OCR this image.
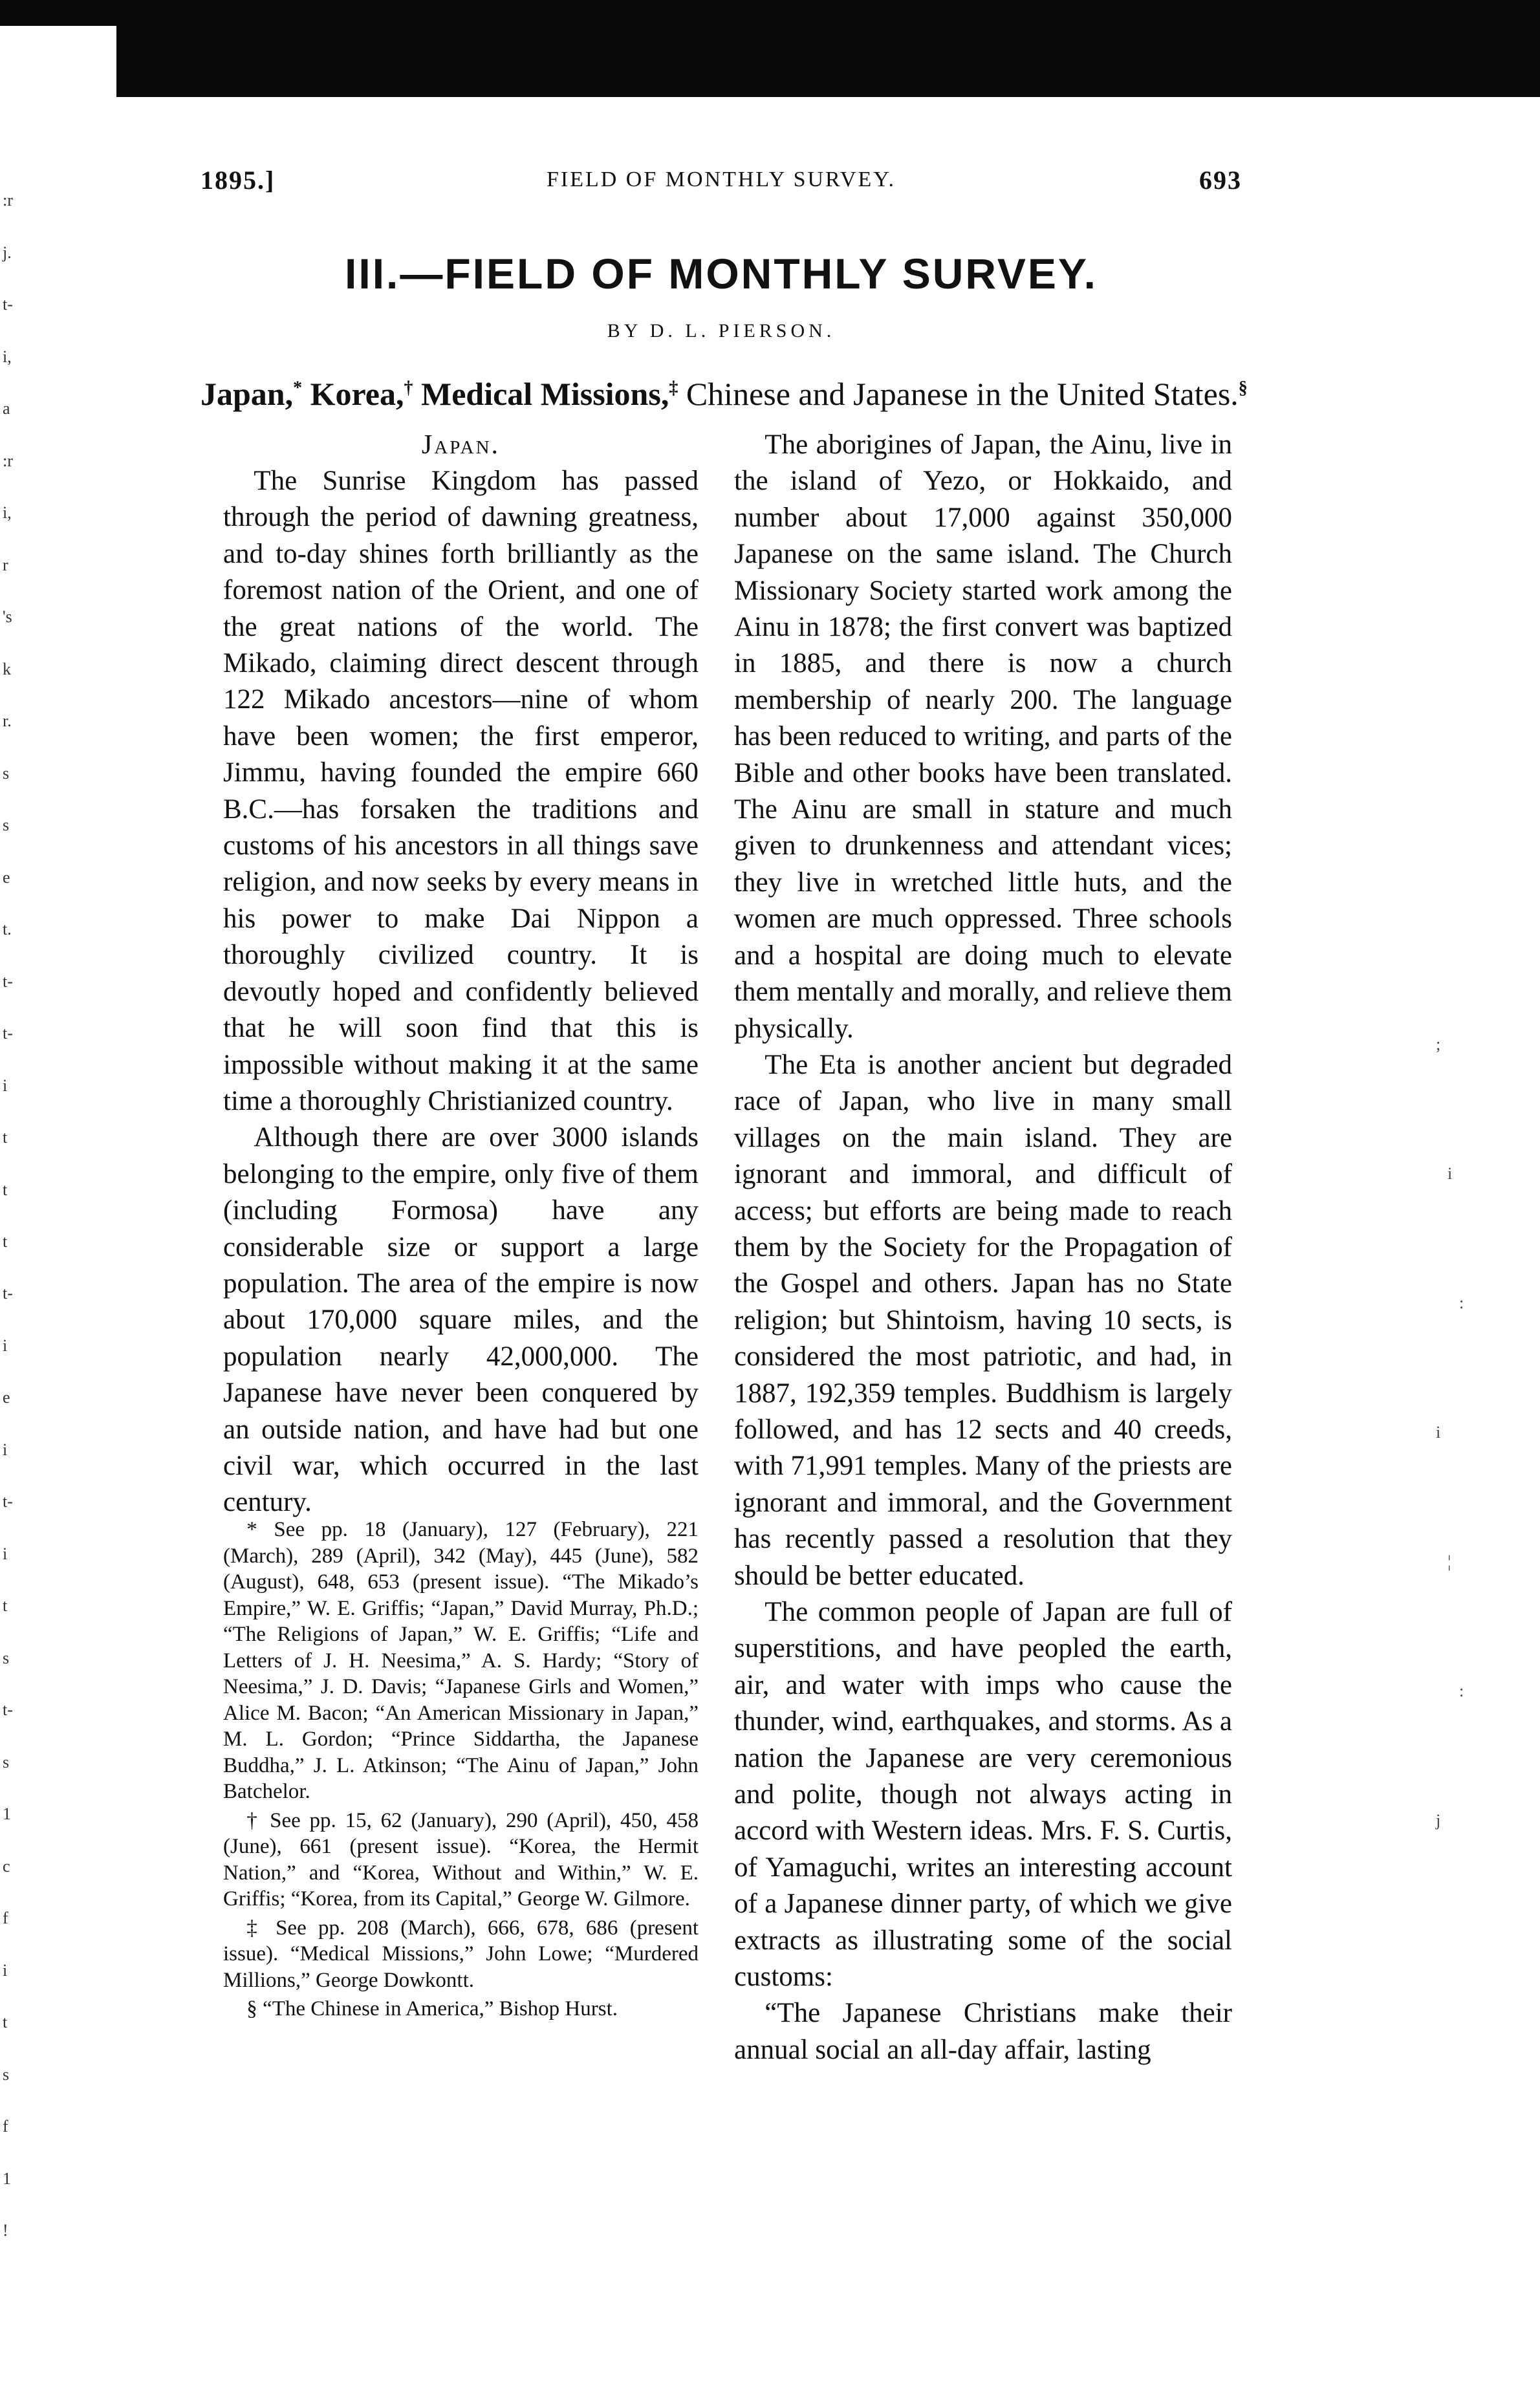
:r
j.
t-
i,
a
:r
i,
r
's
k
r.
s
s
e
t.
t-
t-
i
t
t
t
t-
i
e
i
t-
i
t
s
t-
s
1
c
f
i
t
s
f
1
!
;
i
:
i
¦
:
j
1895.]	FIELD OF MONTHLY SURVEY.	693
III.—FIELD OF MONTHLY SURVEY.
BY D. L. PIERSON.
Japan,* Korea,† Medical Missions,‡ Chinese and Japanese in the United States.§

Japan.

The Sunrise Kingdom has passed through the period of dawning greatness, and to-day shines forth brilliantly as the foremost nation of the Orient, and one of the great nations of the world. The Mikado, claiming direct descent through 122 Mikado ancestors—nine of whom have been women; the first emperor, Jimmu, having founded the empire 660 B.C.—has forsaken the traditions and customs of his ancestors in all things save religion, and now seeks by every means in his power to make Dai Nippon a thoroughly civilized country. It is devoutly hoped and confidently believed that he will soon find that this is impossible without making it at the same time a thoroughly Christianized country.

Although there are over 3000 islands belonging to the empire, only five of them (including Formosa) have any considerable size or support a large population. The area of the empire is now about 170,000 square miles, and the population nearly 42,000,000. The Japanese have never been conquered by an outside nation, and have had but one civil war, which occurred in the last century.

* See pp. 18 (January), 127 (February), 221 (March), 289 (April), 342 (May), 445 (June), 582 (August), 648, 653 (present issue). “The Mikado’s Empire,” W. E. Griffis; “Japan,” David Murray, Ph.D.; “The Religions of Japan,” W. E. Griffis; “Life and Letters of J. H. Neesima,” A. S. Hardy; “Story of Neesima,” J. D. Davis; “Japanese Girls and Women,” Alice M. Bacon; “An American Missionary in Japan,” M. L. Gordon; “Prince Siddartha, the Japanese Buddha,” J. L. Atkinson; “The Ainu of Japan,” John Batchelor.

† See pp. 15, 62 (January), 290 (April), 450, 458 (June), 661 (present issue). “Korea, the Hermit Nation,” and “Korea, Without and Within,” W. E. Griffis; “Korea, from its Capital,” George W. Gilmore.

‡ See pp. 208 (March), 666, 678, 686 (present issue). “Medical Missions,” John Lowe; “Murdered Millions,” George Dowkontt.

§ “The Chinese in America,” Bishop Hurst.

The aborigines of Japan, the Ainu, live in the island of Yezo, or Hokkaido, and number about 17,000 against 350,000 Japanese on the same island. The Church Missionary Society started work among the Ainu in 1878; the first convert was baptized in 1885, and there is now a church membership of nearly 200. The language has been reduced to writing, and parts of the Bible and other books have been translated. The Ainu are small in stature and much given to drunkenness and attendant vices; they live in wretched little huts, and the women are much oppressed. Three schools and a hospital are doing much to elevate them mentally and morally, and relieve them physically.

The Eta is another ancient but degraded race of Japan, who live in many small villages on the main island. They are ignorant and immoral, and difficult of access; but efforts are being made to reach them by the Society for the Propagation of the Gospel and others. Japan has no State religion; but Shintoism, having 10 sects, is considered the most patriotic, and had, in 1887, 192,359 temples. Buddhism is largely followed, and has 12 sects and 40 creeds, with 71,991 temples. Many of the priests are ignorant and immoral, and the Government has recently passed a resolution that they should be better educated.

The common people of Japan are full of superstitions, and have peopled the earth, air, and water with imps who cause the thunder, wind, earthquakes, and storms. As a nation the Japanese are very ceremonious and polite, though not always acting in accord with Western ideas. Mrs. F. S. Curtis, of Yamaguchi, writes an interesting account of a Japanese dinner party, of which we give extracts as illustrating some of the social customs:

“The Japanese Christians make their annual social an all-day affair, lasting
